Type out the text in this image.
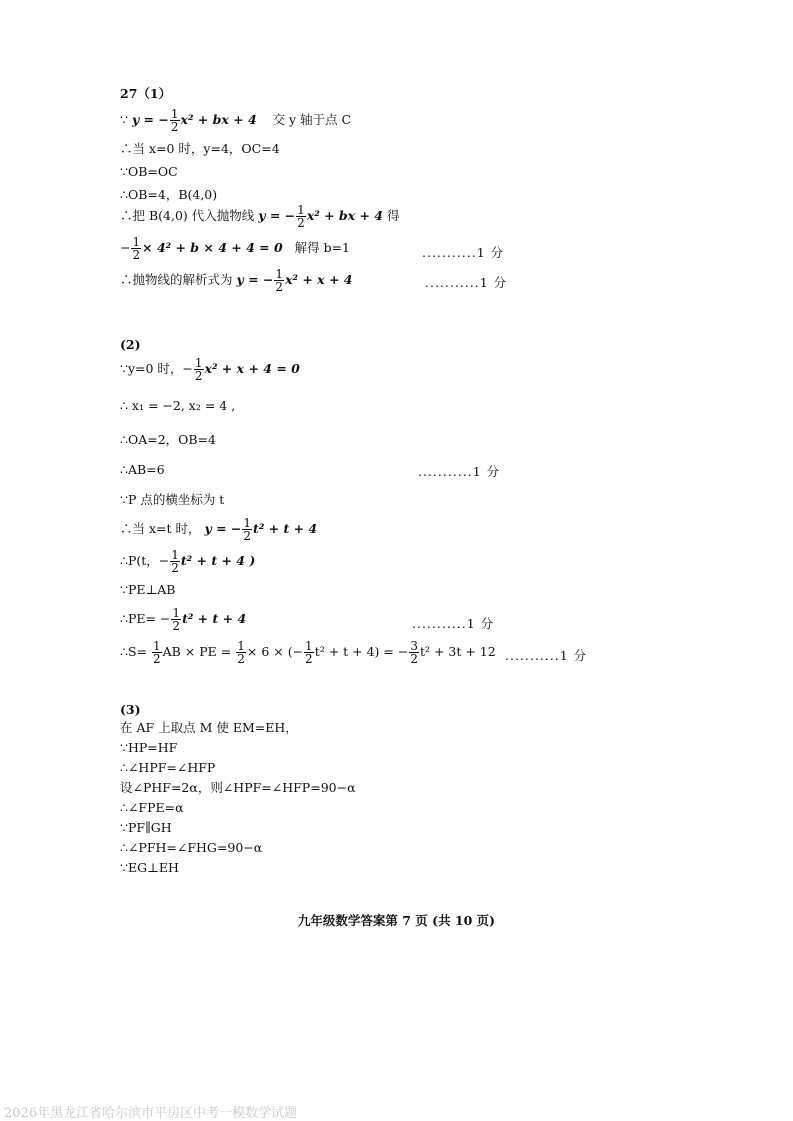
27（1）
∵ y = − $\frac{1}{2} x^2$ + bx + 4 交 y 轴于点 C
∴当 x=0 时，y=4，OC=4
∵OB=OC
∴OB=4，B(4,0)
∴把 B(4,0) 代入抛物线 y = − $\frac{1}{2} x^2$ + bx + 4 得
− $\frac{1}{2} \times 4^2 + b \times 4 + 4 = 0$ 解得 b=1	...........1 分
∴抛物线的解析式为 y = − $\frac{1}{2} x^2 + x + 4$	...........1 分
(2)
∵y=0 时，− $\frac{1}{2} x^2 + x + 4 = 0$
∴ x₁ = −2, x₂ = 4 ,
∴OA=2，OB=4
∴AB=6	...........1 分
∵P 点的横坐标为 t
∴当 x=t 时， y = − $\frac{1}{2} t^2 + t + 4$
∴P(t，− $\frac{1}{2} t^2 + t + 4$ )
∵PE⊥AB
∴PE= − $\frac{1}{2} t^2 + t + 4$	...........1 分
∴S= $\frac{1}{2}$ AB × PE = $\frac{1}{2} \times 6$ × (− $\frac{1}{2} t^2 + t + 4$) = − $\frac{3}{2} t^2 + 3t + 12$ ...........1 分
(3)
在 AF 上取点 M 使 EM=EH，
∵HP=HF
∴∠HPF=∠HFP
设∠PHF=2α，则∠HPF=∠HFP=90−α
∴∠FPE=α
∵PF∥GH
∴∠PFH=∠FHG=90−α
∵EG⊥EH
九年级数学答案第 7 页 (共 10 页)
2026年黑龙江省哈尔滨市平房区中考一模数学试题
